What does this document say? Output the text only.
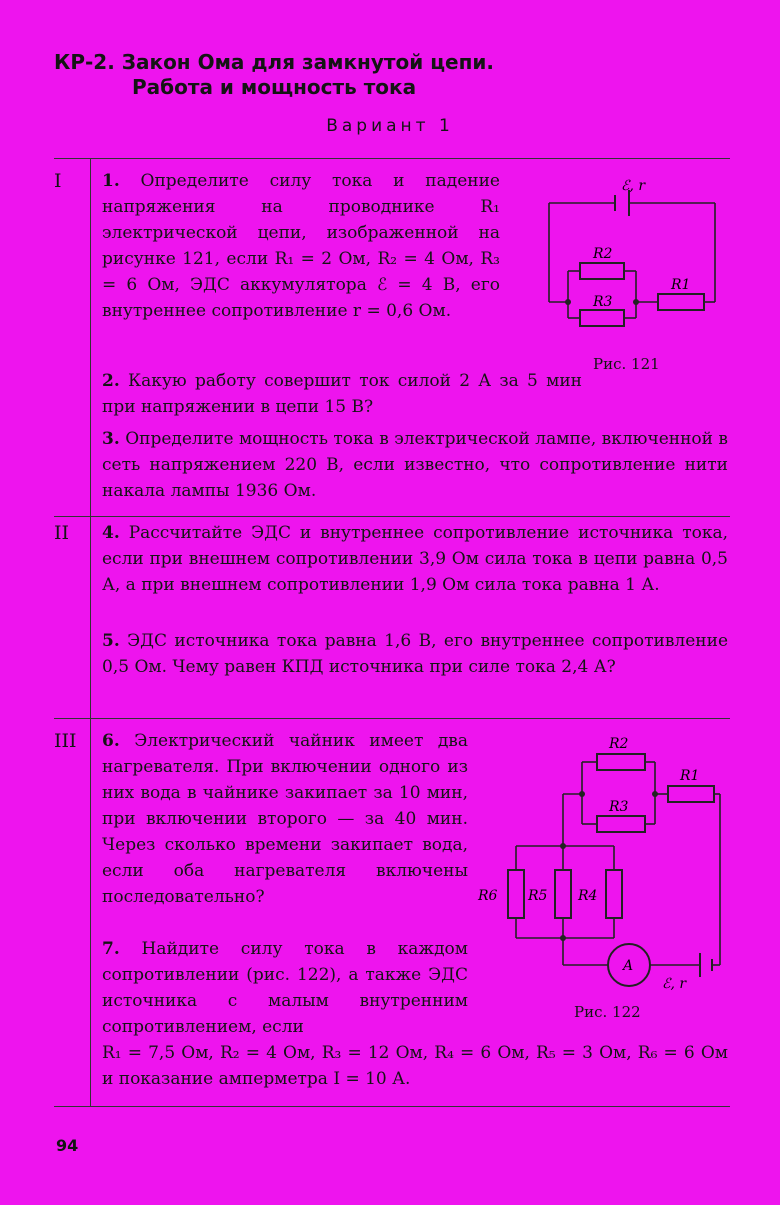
КР-2. Закон Ома для замкнутой цепи.
Работа и мощность тока
Вариант 1
I
II
III

1. Определите силу тока и падение напряжения на проводнике R₁ электрической цепи, изображенной на рисунке 121, если R₁ = 2 Ом, R₂ = 4 Ом, R₃ = 6 Ом, ЭДС аккумулятора ℰ = 4 В, его внутреннее сопротивление r = 0,6 Ом.

ℰ, r
R2
R3
R1
Рис. 121

2. Какую работу совершит ток силой 2 А за 5 мин при напряжении в цепи 15 В?

3. Определите мощность тока в электрической лампе, включенной в сеть напряжением 220 В, если известно, что сопротивление нити накала лампы 1936 Ом.

4. Рассчитайте ЭДС и внутреннее сопротивление источника тока, если при внешнем сопротивлении 3,9 Ом сила тока в цепи равна 0,5 А, а при внешнем сопротивлении 1,9 Ом сила тока равна 1 А.

5. ЭДС источника тока равна 1,6 В, его внутреннее сопротивление 0,5 Ом. Чему равен КПД источника при силе тока 2,4 А?

6. Электрический чайник имеет два нагревателя. При включении одного из них вода в чайнике закипает за 10 мин, при включении второго — за 40 мин. Через сколько времени закипает вода, если оба нагревателя включены последовательно?

7. Найдите силу тока в каждом сопротивлении (рис. 122), а также ЭДС источника с малым внутренним сопротивлением, если

R₁ = 7,5 Ом, R₂ = 4 Ом, R₃ = 12 Ом, R₄ = 6 Ом, R₅ = 3 Ом, R₆ = 6 Ом и показание амперметра I = 10 А.

R2
R3
R1
R6 R5 R4
A
ℰ, r
Рис. 122
94
